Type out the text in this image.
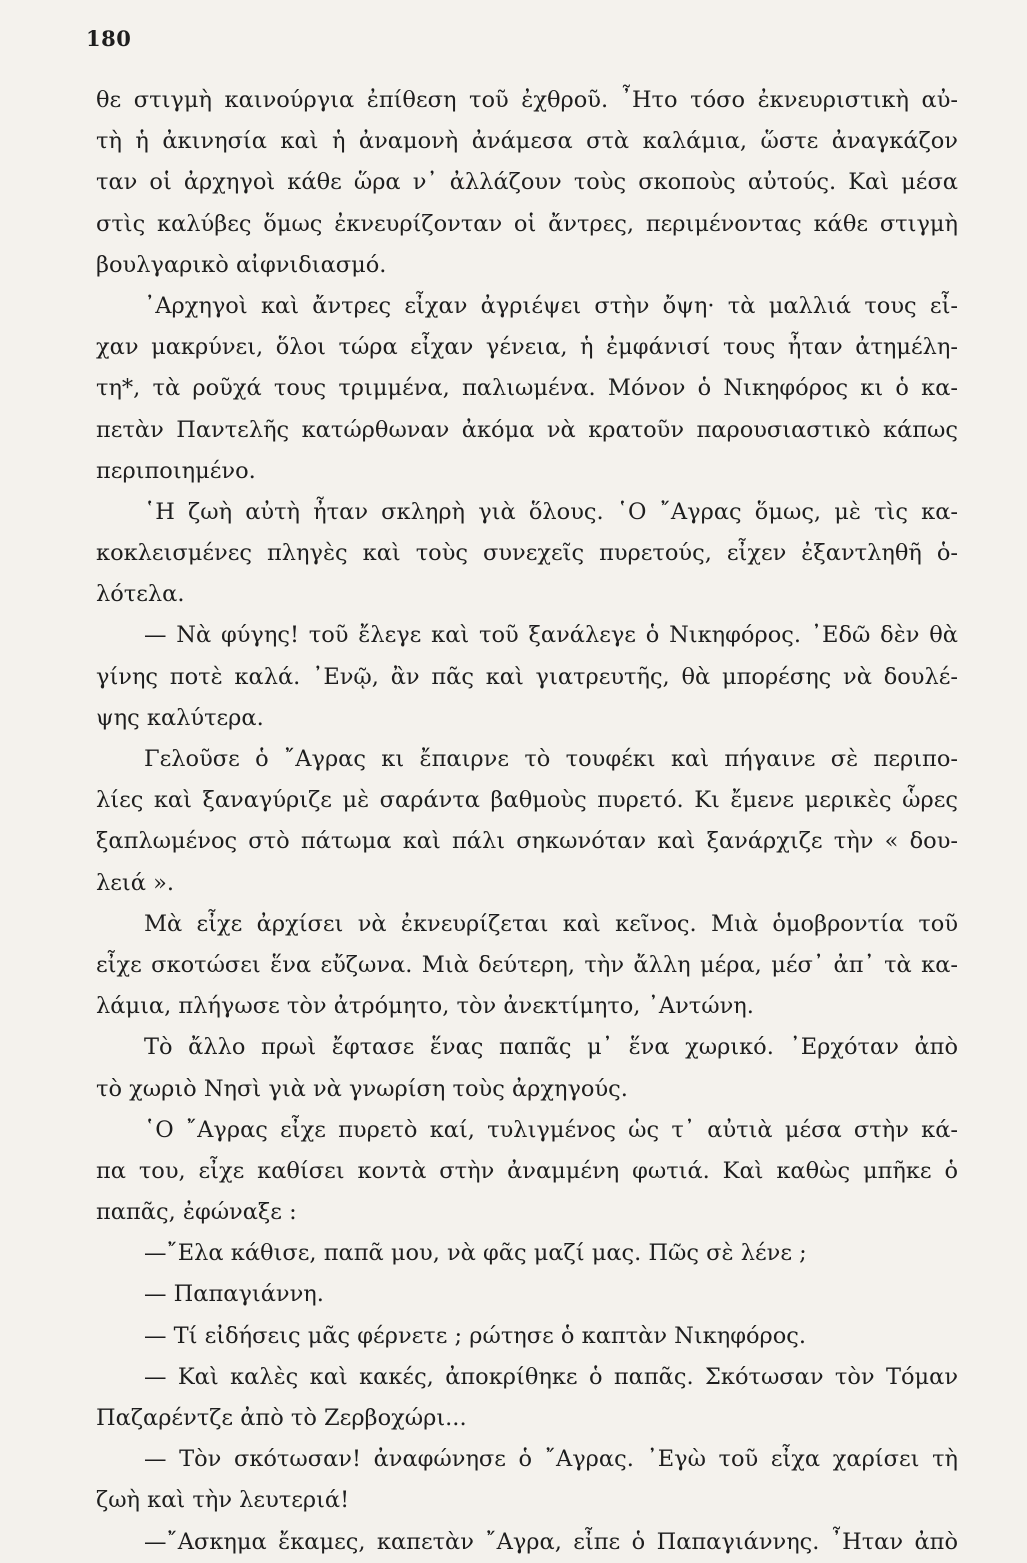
180
θε στιγμὴ καινούργια ἐπίθεση τοῦ ἐχθροῦ. ῏Ητο τόσο ἐκνευριστικὴ αὐ-
τὴ ἡ ἀκινησία καὶ ἡ ἀναμονὴ ἀνάμεσα στὰ καλάμια, ὥστε ἀναγκάζον
ταν οἱ ἀρχηγοὶ κάθε ὥρα ν᾿ ἀλλάζουν τοὺς σκοποὺς αὐτούς. Καὶ μέσα
στὶς καλύβες ὅμως ἐκνευρίζονταν οἱ ἄντρες, περιμένοντας κάθε στιγμὴ
βουλγαρικὸ αἰφνιδιασμό.
᾿Αρχηγοὶ καὶ ἄντρες εἶχαν ἀγριέψει στὴν ὄψη· τὰ μαλλιά τους εἶ-
χαν μακρύνει, ὅλοι τώρα εἶχαν γένεια, ἡ ἐμφάνισί τους ἦταν ἀτημέλη-
τη*, τὰ ροῦχά τους τριμμένα, παλιωμένα. Μόνον ὁ Νικηφόρος κι ὁ κα-
πετὰν Παντελῆς κατώρθωναν ἀκόμα νὰ κρατοῦν παρουσιαστικὸ κάπως
περιποιημένο.
῾Η ζωὴ αὐτὴ ἦταν σκληρὴ γιὰ ὅλους. ῾Ο ῎Αγρας ὅμως, μὲ τὶς κα-
κοκλεισμένες πληγὲς καὶ τοὺς συνεχεῖς πυρετούς, εἶχεν ἐξαντληθῆ ὁ-
λότελα.
— Νὰ φύγης! τοῦ ἔλεγε καὶ τοῦ ξανάλεγε ὁ Νικηφόρος. ᾿Εδῶ δὲν θὰ
γίνης ποτὲ καλά. ᾿Ενῷ, ἂν πᾶς καὶ γιατρευτῆς, θὰ μπορέσης νὰ δουλέ-
ψης καλύτερα.
Γελοῦσε ὁ ῎Αγρας κι ἔπαιρνε τὸ τουφέκι καὶ πήγαινε σὲ περιπο-
λίες καὶ ξαναγύριζε μὲ σαράντα βαθμοὺς πυρετό. Κι ἔμενε μερικὲς ὧρες
ξαπλωμένος στὸ πάτωμα καὶ πάλι σηκωνόταν καὶ ξανάρχιζε τὴν « δου-
λειά ».
Μὰ εἶχε ἀρχίσει νὰ ἐκνευρίζεται καὶ κεῖνος. Μιὰ ὁμοβροντία τοῦ
εἶχε σκοτώσει ἕνα εὔζωνα. Μιὰ δεύτερη, τὴν ἄλλη μέρα, μέσ᾿ ἀπ᾿ τὰ κα-
λάμια, πλήγωσε τὸν ἀτρόμητο, τὸν ἀνεκτίμητο, ᾿Αντώνη.
Τὸ ἄλλο πρωὶ ἔφτασε ἕνας παπᾶς μ᾿ ἕνα χωρικό. ᾿Ερχόταν ἀπὸ
τὸ χωριὸ Νησὶ γιὰ νὰ γνωρίση τοὺς ἀρχηγούς.
῾Ο ῎Αγρας εἶχε πυρετὸ καί, τυλιγμένος ὡς τ᾿ αὐτιὰ μέσα στὴν κά-
πα του, εἶχε καθίσει κοντὰ στὴν ἀναμμένη φωτιά. Καὶ καθὼς μπῆκε ὁ
παπᾶς, ἐφώναξε :
—῎Ελα κάθισε, παπᾶ μου, νὰ φᾶς μαζί μας. Πῶς σὲ λένε ;
— Παπαγιάννη.
— Τί εἰδήσεις μᾶς φέρνετε ; ρώτησε ὁ καπτὰν Νικηφόρος.
— Καὶ καλὲς καὶ κακές, ἀποκρίθηκε ὁ παπᾶς. Σκότωσαν τὸν Τόμαν
Παζαρέντζε ἀπὸ τὸ Ζερβοχώρι...
— Τὸν σκότωσαν! ἀναφώνησε ὁ ῎Αγρας. ᾿Εγὼ τοῦ εἶχα χαρίσει τὴ
ζωὴ καὶ τὴν λευτεριά!
—῎Ασκημα ἔκαμες, καπετὰν ῎Αγρα, εἶπε ὁ Παπαγιάννης. ῏Ηταν ἀπὸ
